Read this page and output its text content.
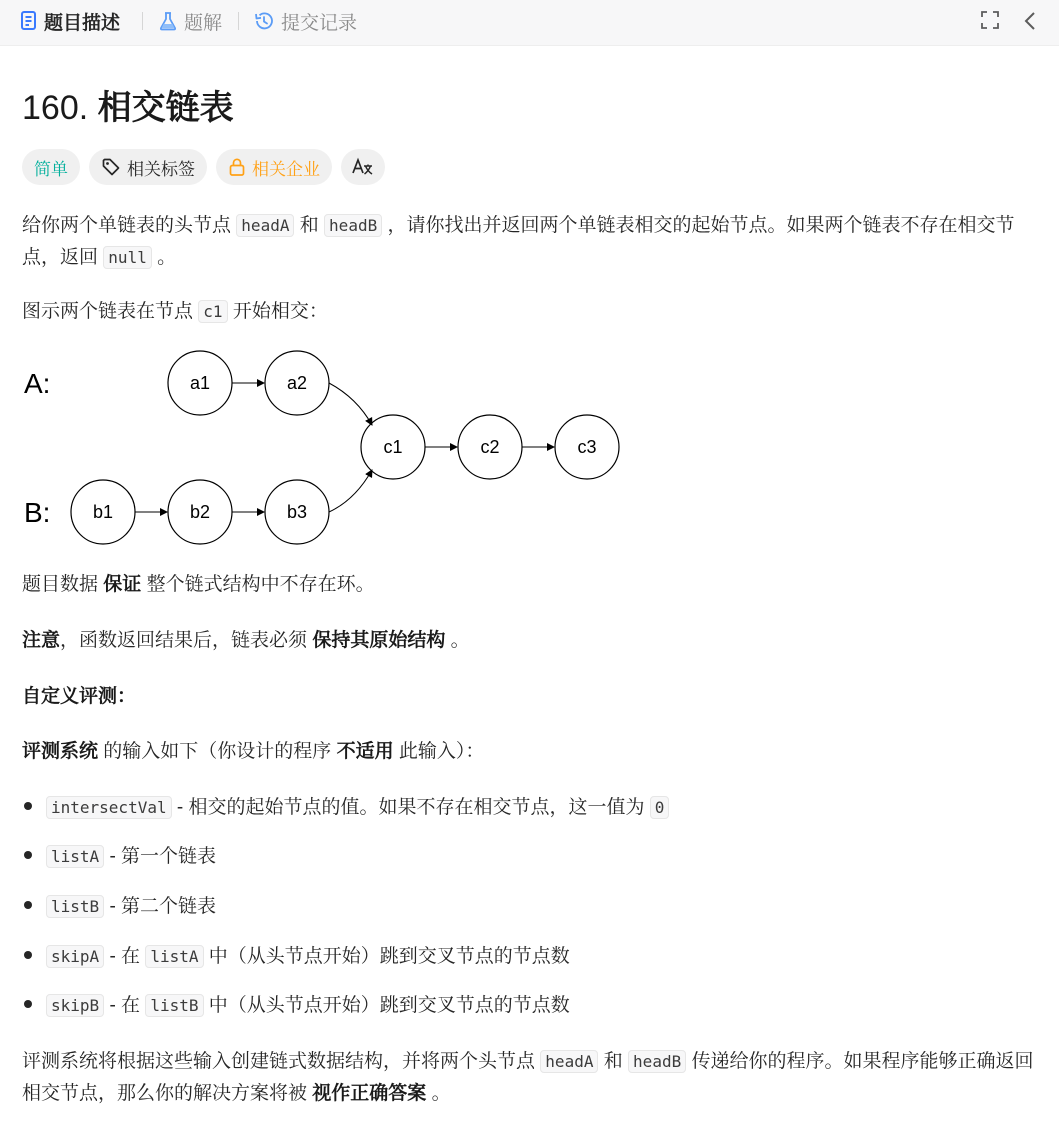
题目描述	题解	提交记录
160. 相交链表
简单	相关标签	相关企业

给你两个单链表的头节点 headA 和 headB ，请你找出并返回两个单链表相交的起始节点。如果两个链表不存在相交节点，返回 null 。

图示两个链表在节点 c1 开始相交：

A:
B:
a1	a2
c1	c2	c3
b1	b2	b3

题目数据 保证 整个链式结构中不存在环。

注意，函数返回结果后，链表必须 保持其原始结构 。

自定义评测：

评测系统 的输入如下（你设计的程序 不适用 此输入）：

intersectVal - 相交的起始节点的值。如果不存在相交节点，这一值为 0
listA - 第一个链表
listB - 第二个链表
skipA - 在 listA 中（从头节点开始）跳到交叉节点的节点数
skipB - 在 listB 中（从头节点开始）跳到交叉节点的节点数

评测系统将根据这些输入创建链式数据结构，并将两个头节点 headA 和 headB 传递给你的程序。如果程序能够正确返回相交节点，那么你的解决方案将被 视作正确答案 。
